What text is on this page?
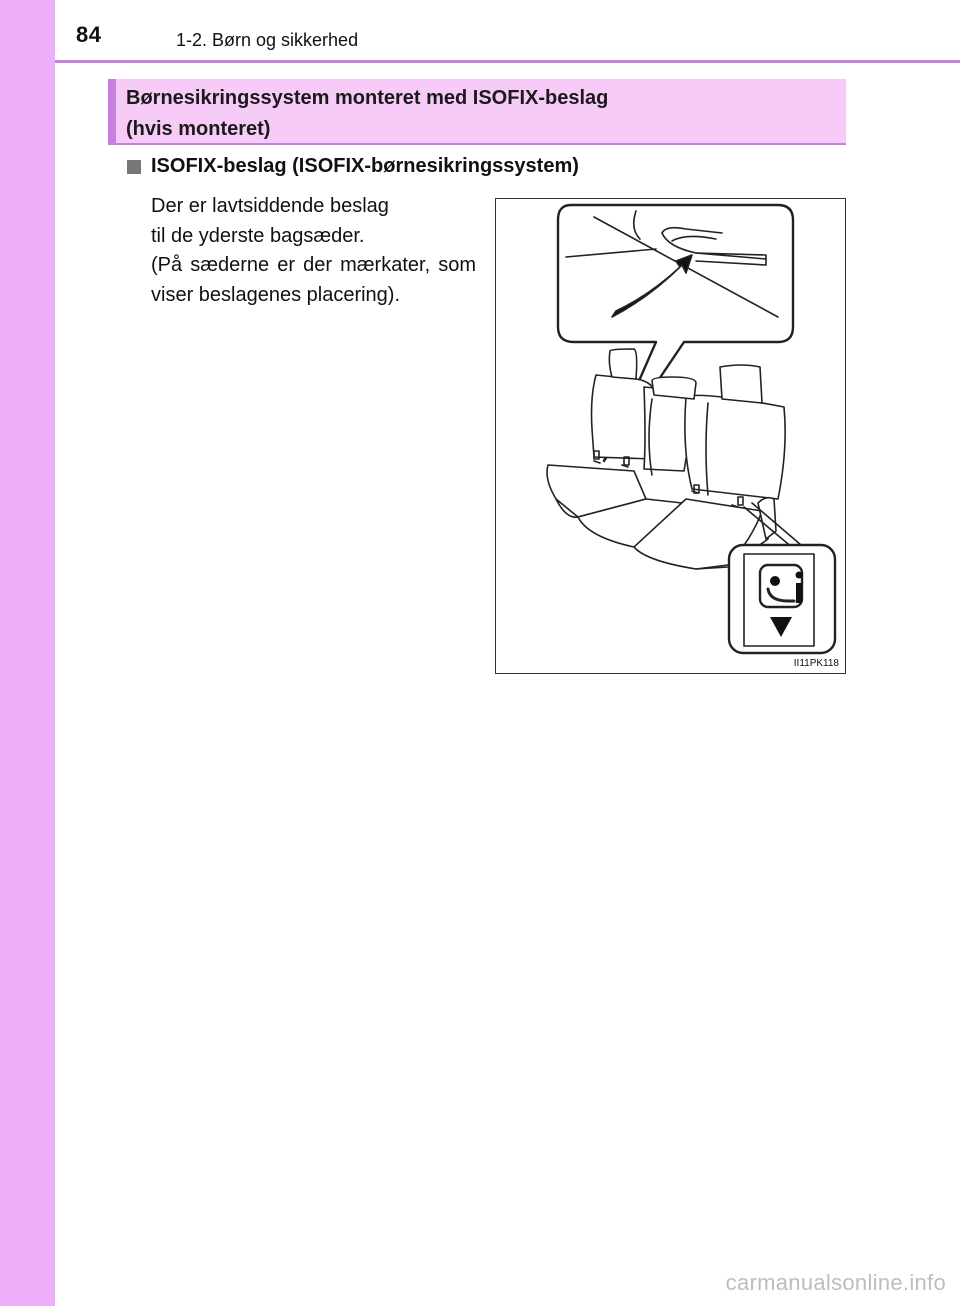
84	1-2. Børn og sikkerhed
Børnesikringssystem monteret med ISOFIX-beslag
(hvis monteret)
ISOFIX-beslag (ISOFIX-børnesikringssystem)

Der er lavtsiddende beslag

til de yderste bagsæder.

(På sæderne er der mærkater, som viser beslagenes placering).

II11PK118
carmanualsonline.info
